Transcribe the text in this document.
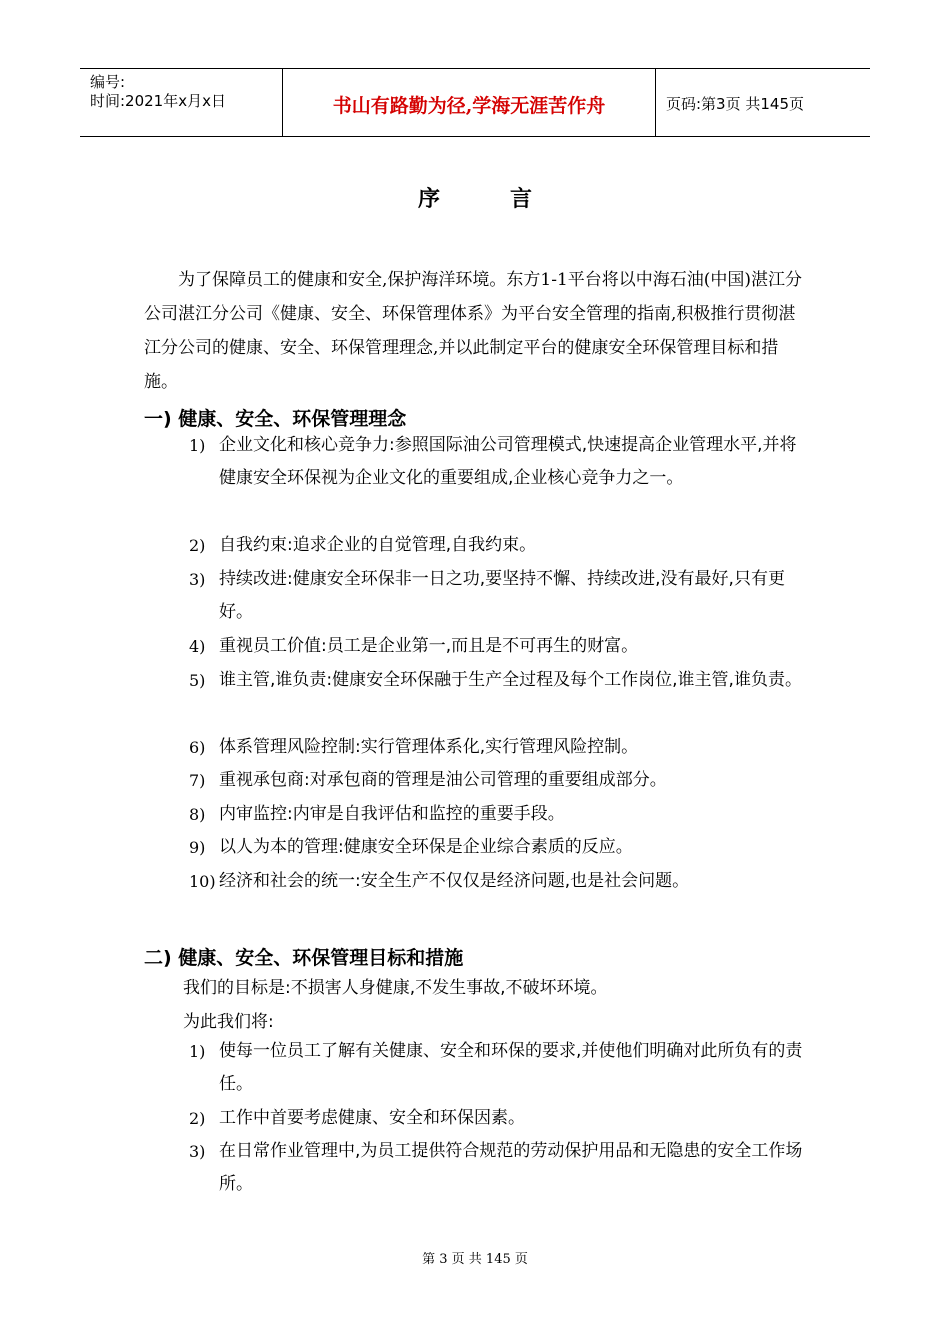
编号:
时间:2021年x月x日	书山有路勤为径,学海无涯苦作舟	页码:第3页 共145页
序言
为了保障员工的健康和安全,保护海洋环境。东方1-1平台将以中海石油(中国)湛江分公司湛江分公司《健康、安全、环保管理体系》为平台安全管理的指南,积极推行贯彻湛江分公司的健康、安全、环保管理理念,并以此制定平台的健康安全环保管理目标和措施。
一) 健康、安全、环保管理理念
1) 企业文化和核心竞争力:参照国际油公司管理模式,快速提高企业管理水平,并将健康安全环保视为企业文化的重要组成,企业核心竞争力之一。
2) 自我约束:追求企业的自觉管理,自我约束。
3) 持续改进:健康安全环保非一日之功,要坚持不懈、持续改进,没有最好,只有更好。
4) 重视员工价值:员工是企业第一,而且是不可再生的财富。
5) 谁主管,谁负责:健康安全环保融于生产全过程及每个工作岗位,谁主管,谁负责。
6) 体系管理风险控制:实行管理体系化,实行管理风险控制。
7) 重视承包商:对承包商的管理是油公司管理的重要组成部分。
8) 内审监控:内审是自我评估和监控的重要手段。
9) 以人为本的管理:健康安全环保是企业综合素质的反应。
10) 经济和社会的统一:安全生产不仅仅是经济问题,也是社会问题。
二) 健康、安全、环保管理目标和措施
我们的目标是:不损害人身健康,不发生事故,不破坏环境。
为此我们将:
1) 使每一位员工了解有关健康、安全和环保的要求,并使他们明确对此所负有的责任。
2) 工作中首要考虑健康、安全和环保因素。
3) 在日常作业管理中,为员工提供符合规范的劳动保护用品和无隐患的安全工作场所。
第 3 页 共 145 页
